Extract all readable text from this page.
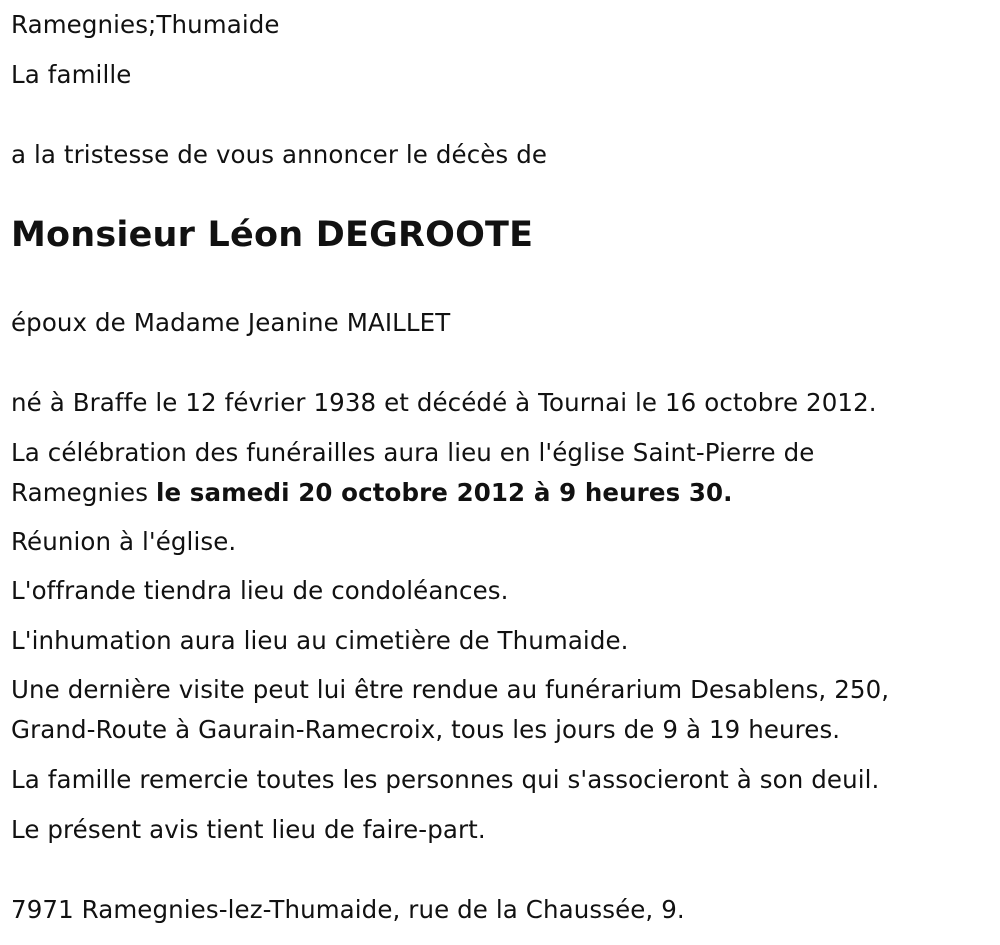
Ramegnies;Thumaide
La famille
a la tristesse de vous annoncer le décès de
Monsieur Léon DEGROOTE
époux de Madame Jeanine MAILLET
né à Braffe le 12 février 1938 et décédé à Tournai le 16 octobre 2012.
La célébration des funérailles aura lieu en l'église Saint-Pierre de
Ramegnies le samedi 20 octobre 2012 à 9 heures 30.
Réunion à l'église.
L'offrande tiendra lieu de condoléances.
L'inhumation aura lieu au cimetière de Thumaide.
Une dernière visite peut lui être rendue au funérarium Desablens, 250,
Grand-Route à Gaurain-Ramecroix, tous les jours de 9 à 19 heures.
La famille remercie toutes les personnes qui s'associeront à son deuil.
Le présent avis tient lieu de faire-part.
7971 Ramegnies-lez-Thumaide, rue de la Chaussée, 9.
